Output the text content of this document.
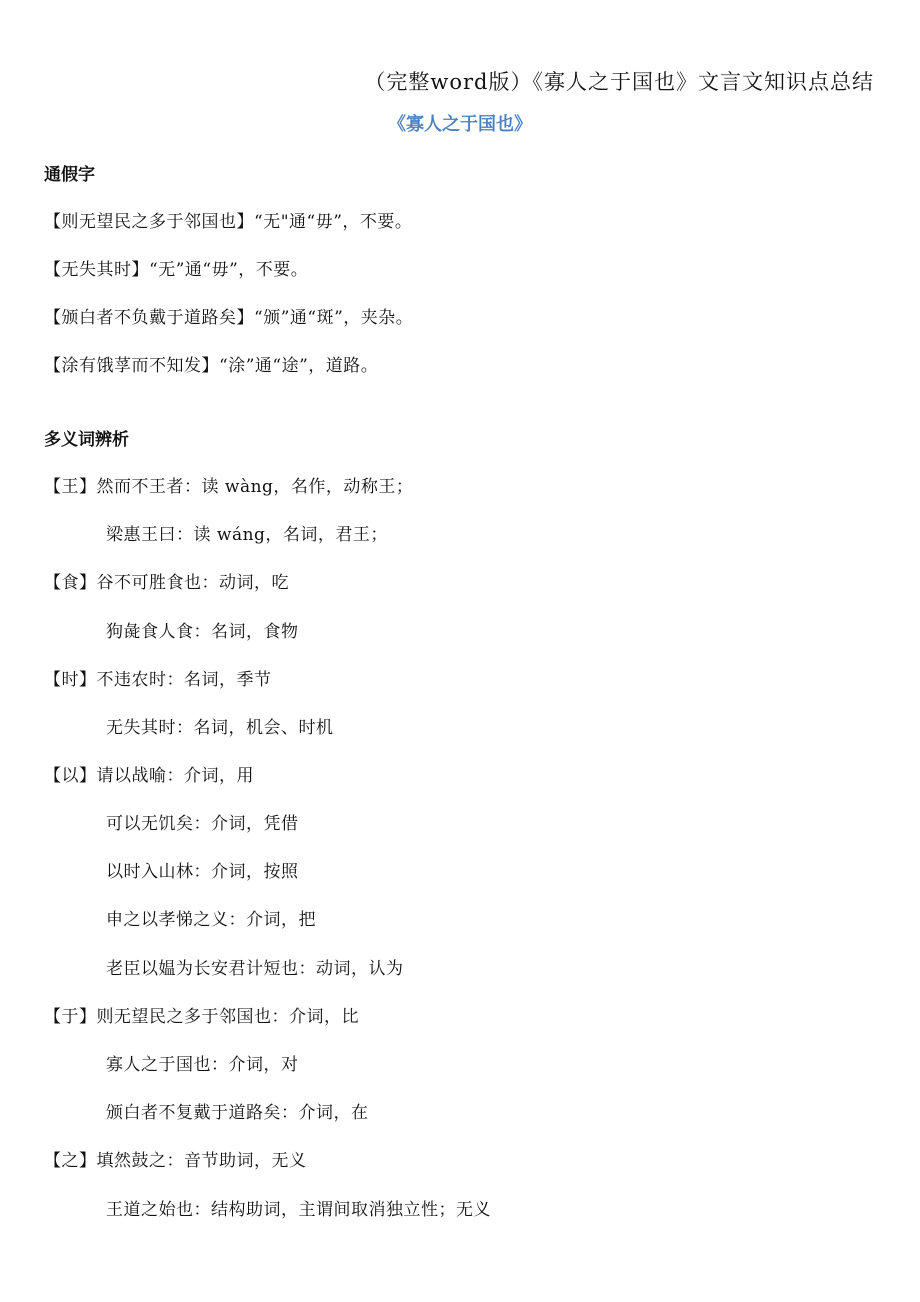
（完整word版）《寡人之于国也》文言文知识点总结
《寡人之于国也》
通假字
【则无望民之多于邻国也】“无"通“毋”，不要。
【无失其时】“无”通“毋”，不要。
【颁白者不负戴于道路矣】“颁”通“斑”，夹杂。
【涂有饿莩而不知发】“涂”通“途”，道路。
多义词辨析
【王】然而不王者：读 wàng，名作，动称王；
梁惠王曰：读 wáng，名词，君王；
【食】谷不可胜食也：动词，吃
狗彘食人食：名词，食物
【时】不违农时：名词，季节
无失其时：名词，机会、时机
【以】请以战喻：介词，用
可以无饥矣：介词，凭借
以时入山林：介词，按照
申之以孝悌之义：介词，把
老臣以媪为长安君计短也：动词，认为
【于】则无望民之多于邻国也：介词，比
寡人之于国也：介词，对
颁白者不复戴于道路矣：介词，在
【之】填然鼓之：音节助词，无义
王道之始也：结构助词，主谓间取消独立性；无义
